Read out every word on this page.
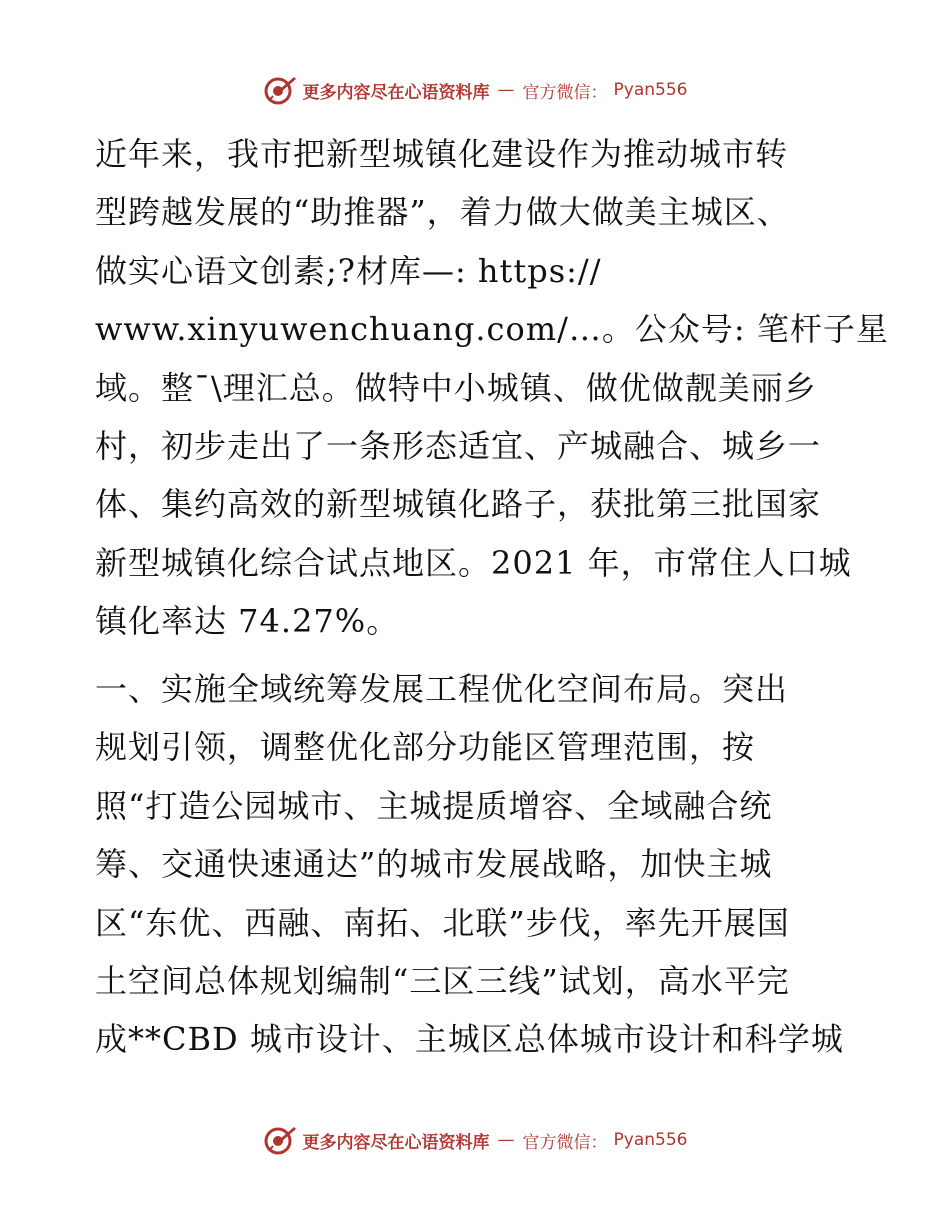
更多内容尽在心语资料库 — 官方微信： Pyan556
近年来，我市把新型城镇化建设作为推动城市转
型跨越发展的“助推器”，着力做大做美主城区、
做实心语文创素;?材库—: https://
www.xinyuwenchuang.com/…。公众号: 笔杆子星
域。整¯\理汇总。做特中小城镇、做优做靓美丽乡
村，初步走出了一条形态适宜、产城融合、城乡一
体、集约高效的新型城镇化路子，获批第三批国家
新型城镇化综合试点地区。2021 年，市常住人口城
镇化率达 74.27%。
一、实施全域统筹发展工程优化空间布局。突出
规划引领，调整优化部分功能区管理范围，按
照“打造公园城市、主城提质增容、全域融合统
筹、交通快速通达”的城市发展战略，加快主城
区“东优、西融、南拓、北联”步伐，率先开展国
土空间总体规划编制“三区三线”试划，高水平完
成**CBD 城市设计、主城区总体城市设计和科学城
更多内容尽在心语资料库 — 官方微信： Pyan556
